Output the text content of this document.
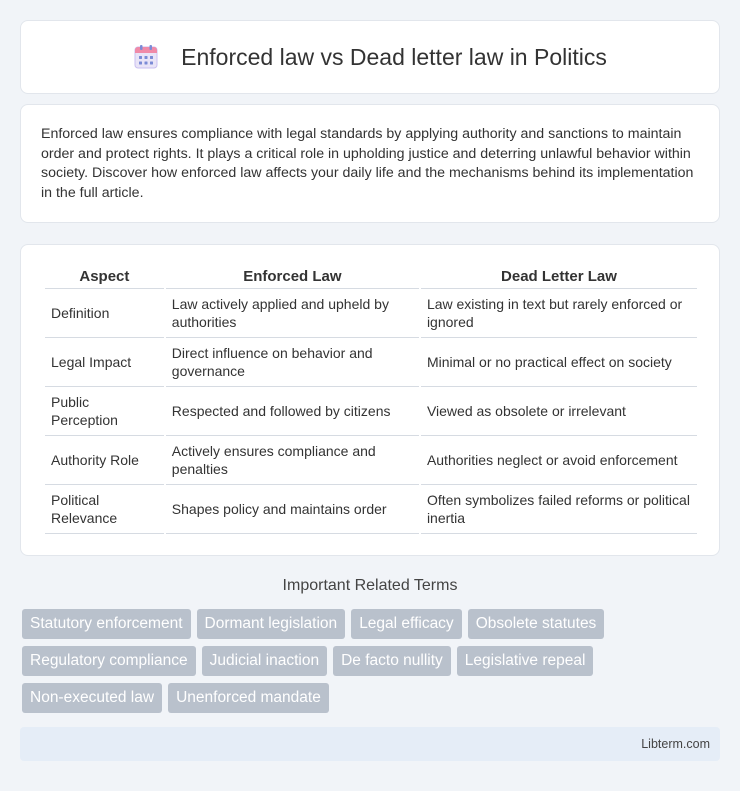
Enforced law vs Dead letter law in Politics

Enforced law ensures compliance with legal standards by applying authority and sanctions to maintain order and protect rights. It plays a critical role in upholding justice and deterring unlawful behavior within society. Discover how enforced law affects your daily life and the mechanisms behind its implementation in the full article.

Aspect	Enforced Law	Dead Letter Law
Definition	Law actively applied and upheld by authorities	Law existing in text but rarely enforced or ignored
Legal Impact	Direct influence on behavior and governance	Minimal or no practical effect on society
Public Perception	Respected and followed by citizens	Viewed as obsolete or irrelevant
Authority Role	Actively ensures compliance and penalties	Authorities neglect or avoid enforcement
Political Relevance	Shapes policy and maintains order	Often symbolizes failed reforms or political inertia
Important Related Terms
Statutory enforcement	Dormant legislation	Legal efficacy	Obsolete statutes
Regulatory compliance	Judicial inaction	De facto nullity	Legislative repeal
Non-executed law	Unenforced mandate
Libterm.com
